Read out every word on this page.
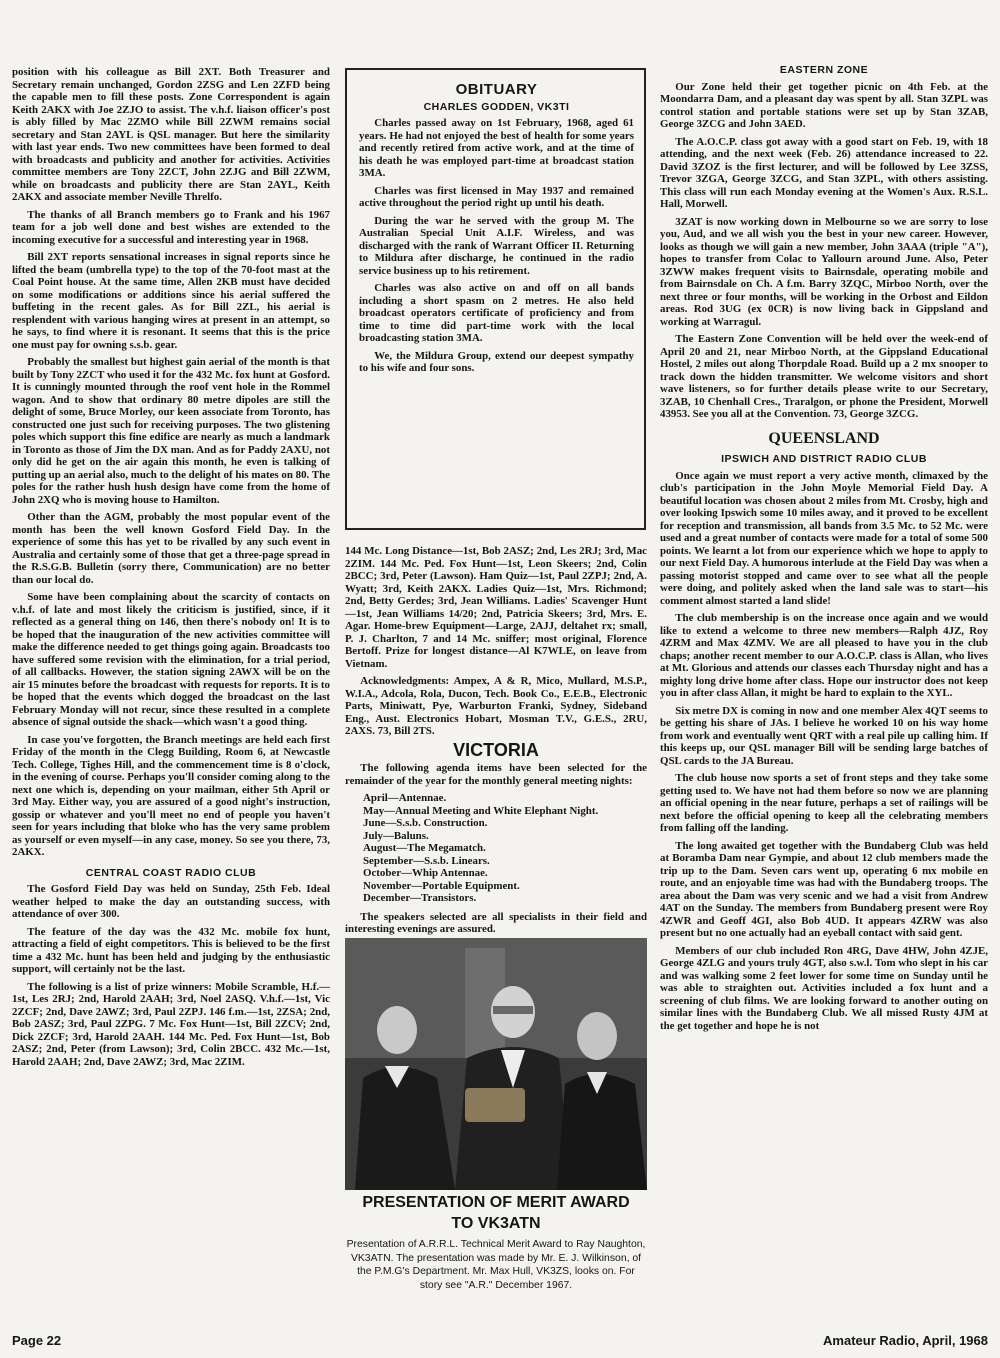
position with his colleague as Bill 2XT. Both Treasurer and Secretary remain unchanged, Gordon 2ZSG and Len 2ZFD being the capable men to fill these posts. Zone Correspondent is again Keith 2AKX with Joe 2ZJO to assist. The v.h.f. liaison officer's post is ably filled by Mac 2ZMO while Bill 2ZWM remains social secretary and Stan 2AYL is QSL manager. But here the similarity with last year ends. Two new committees have been formed to deal with broadcasts and publicity and another for activities. Activities committee members are Tony 2ZCT, John 2ZJG and Bill 2ZWM, while on broadcasts and publicity there are Stan 2AYL, Keith 2AKX and associate member Neville Threlfo.

The thanks of all Branch members go to Frank and his 1967 team for a job well done and best wishes are extended to the incoming executive for a successful and interesting year in 1968.

Bill 2XT reports sensational increases in signal reports since he lifted the beam (umbrella type) to the top of the 70-foot mast at the Coal Point house. At the same time, Allen 2KB must have decided on some modifications or additions since his aerial suffered the buffeting in the recent gales. As for Bill 2ZL, his aerial is resplendent with various hanging wires at present in an attempt, so he says, to find where it is resonant. It seems that this is the price one must pay for owning s.s.b. gear.

Probably the smallest but highest gain aerial of the month is that built by Tony 2ZCT who used it for the 432 Mc. fox hunt at Gosford. It is cunningly mounted through the roof vent hole in the Rommel wagon. And to show that ordinary 80 metre dipoles are still the delight of some, Bruce Morley, our keen associate from Toronto, has constructed one just such for receiving purposes. The two glistening poles which support this fine edifice are nearly as much a landmark in Toronto as those of Jim the DX man. And as for Paddy 2AXU, not only did he get on the air again this month, he even is talking of putting up an aerial also, much to the delight of his mates on 80. The poles for the rather hush hush design have come from the home of John 2XQ who is moving house to Hamilton.

Other than the AGM, probably the most popular event of the month has been the well known Gosford Field Day. In the experience of some this has yet to be rivalled by any such event in Australia and certainly some of those that get a three-page spread in the R.S.G.B. Bulletin (sorry there, Communication) are no better than our local do.

Some have been complaining about the scarcity of contacts on v.h.f. of late and most likely the criticism is justified, since, if it reflected as a general thing on 146, then there's nobody on! It is to be hoped that the inauguration of the new activities committee will make the difference needed to get things going again. Broadcasts too have suffered some revision with the elimination, for a trial period, of all callbacks. However, the station signing 2AWX will be on the air 15 minutes before the broadcast with requests for reports. It is to be hoped that the events which dogged the broadcast on the last February Monday will not recur, since these resulted in a complete absence of signal outside the shack—which wasn't a good thing.

In case you've forgotten, the Branch meetings are held each first Friday of the month in the Clegg Building, Room 6, at Newcastle Tech. College, Tighes Hill, and the commencement time is 8 o'clock, in the evening of course. Perhaps you'll consider coming along to the next one which is, depending on your mailman, either 5th April or 3rd May. Either way, you are assured of a good night's instruction, gossip or whatever and you'll meet no end of people you haven't seen for years including that bloke who has the very same problem as yourself or even myself—in any case, money. So see you there, 73, 2AKX.

CENTRAL COAST RADIO CLUB

The Gosford Field Day was held on Sunday, 25th Feb. Ideal weather helped to make the day an outstanding success, with attendance of over 300.

The feature of the day was the 432 Mc. mobile fox hunt, attracting a field of eight competitors. This is believed to be the first time a 432 Mc. hunt has been held and judging by the enthusiastic support, will certainly not be the last.

The following is a list of prize winners: Mobile Scramble, H.f.—1st, Les 2RJ; 2nd, Harold 2AAH; 3rd, Noel 2ASQ. V.h.f.—1st, Vic 2ZCF; 2nd, Dave 2AWZ; 3rd, Paul 2ZPJ. 146 f.m.—1st, 2ZSA; 2nd, Bob 2ASZ; 3rd, Paul 2ZPG. 7 Mc. Fox Hunt—1st, Bill 2ZCV; 2nd, Dick 2ZCF; 3rd, Harold 2AAH. 144 Mc. Ped. Fox Hunt—1st, Bob 2ASZ; 2nd, Peter (from Lawson); 3rd, Colin 2BCC. 432 Mc.—1st, Harold 2AAH; 2nd, Dave 2AWZ; 3rd, Mac 2ZIM.

OBITUARY
CHARLES GODDEN, VK3TI

Charles passed away on 1st February, 1968, aged 61 years. He had not enjoyed the best of health for some years and recently retired from active work, and at the time of his death he was employed part-time at broadcast station 3MA.

Charles was first licensed in May 1937 and remained active throughout the period right up until his death.

During the war he served with the group M. The Australian Special Unit A.I.F. Wireless, and was discharged with the rank of Warrant Officer II. Returning to Mildura after discharge, he continued in the radio service business up to his retirement.

Charles was also active on and off on all bands including a short spasm on 2 metres. He also held broadcast operators certificate of proficiency and from time to time did part-time work with the local broadcasting station 3MA.

We, the Mildura Group, extend our deepest sympathy to his wife and four sons.

144 Mc. Long Distance—1st, Bob 2ASZ; 2nd, Les 2RJ; 3rd, Mac 2ZIM. 144 Mc. Ped. Fox Hunt—1st, Leon Skeers; 2nd, Colin 2BCC; 3rd, Peter (Lawson). Ham Quiz—1st, Paul 2ZPJ; 2nd, A. Wyatt; 3rd, Keith 2AKX. Ladies Quiz—1st, Mrs. Richmond; 2nd, Betty Gerdes; 3rd, Jean Williams. Ladies' Scavenger Hunt—1st, Jean Williams 14/20; 2nd, Patricia Skeers; 3rd, Mrs. E. Agar. Home-brew Equipment—Large, 2AJJ, deltahet rx; small, P. J. Charlton, 7 and 14 Mc. sniffer; most original, Florence Bertoff. Prize for longest distance—Al K7WLE, on leave from Vietnam.

Acknowledgments: Ampex, A & R, Mico, Mullard, M.S.P., W.I.A., Adcola, Rola, Ducon, Tech. Book Co., E.E.B., Electronic Parts, Miniwatt, Pye, Warburton Franki, Sydney, Sideband Eng., Aust. Electronics Hobart, Mosman T.V., G.E.S., 2RU, 2AXS. 73, Bill 2TS.

VICTORIA

The following agenda items have been selected for the remainder of the year for the monthly general meeting nights:

April—Antennae.
May—Annual Meeting and White Elephant Night.
June—S.s.b. Construction.
July—Baluns.
August—The Megamatch.
September—S.s.b. Linears.
October—Whip Antennae.
November—Portable Equipment.
December—Transistors.

The speakers selected are all specialists in their field and interesting evenings are assured.

PRESENTATION OF MERIT AWARD
TO VK3ATN

Presentation of A.R.R.L. Technical Merit Award to Ray Naughton, VK3ATN. The presentation was made by Mr. E. J. Wilkinson, of the P.M.G's Department. Mr. Max Hull, VK3ZS, looks on. For story see "A.R." December 1967.

EASTERN ZONE

Our Zone held their get together picnic on 4th Feb. at the Moondarra Dam, and a pleasant day was spent by all. Stan 3ZPL was control station and portable stations were set up by Stan 3ZAB, George 3ZCG and John 3AED.

The A.O.C.P. class got away with a good start on Feb. 19, with 18 attending, and the next week (Feb. 26) attendance increased to 22. David 3ZOZ is the first lecturer, and will be followed by Lee 3ZSS, Trevor 3ZGA, George 3ZCG, and Stan 3ZPL, with others assisting. This class will run each Monday evening at the Women's Aux. R.S.L. Hall, Morwell.

3ZAT is now working down in Melbourne so we are sorry to lose you, Aud, and we all wish you the best in your new career. However, looks as though we will gain a new member, John 3AAA (triple "A"), hopes to transfer from Colac to Yallourn around June. Also, Peter 3ZWW makes frequent visits to Bairnsdale, operating mobile and from Bairnsdale on Ch. A f.m. Barry 3ZQC, Mirboo North, over the next three or four months, will be working in the Orbost and Eildon areas. Rod 3UG (ex 0CR) is now living back in Gippsland and working at Warragul.

The Eastern Zone Convention will be held over the week-end of April 20 and 21, near Mirboo North, at the Gippsland Educational Hostel, 2 miles out along Thorpdale Road. Build up a 2 mx snooper to track down the hidden transmitter. We welcome visitors and short wave listeners, so for further details please write to our Secretary, 3ZAB, 10 Chenhall Cres., Traralgon, or phone the President, Morwell 43953. See you all at the Convention. 73, George 3ZCG.

QUEENSLAND

IPSWICH AND DISTRICT RADIO CLUB

Once again we must report a very active month, climaxed by the club's participation in the John Moyle Memorial Field Day. A beautiful location was chosen about 2 miles from Mt. Crosby, high and over looking Ipswich some 10 miles away, and it proved to be excellent for reception and transmission, all bands from 3.5 Mc. to 52 Mc. were used and a great number of contacts were made for a total of some 500 points. We learnt a lot from our experience which we hope to apply to our next Field Day. A humorous interlude at the Field Day was when a passing motorist stopped and came over to see what all the people were doing, and politely asked when the land sale was to start—his comment almost started a land slide!

The club membership is on the increase once again and we would like to extend a welcome to three new members—Ralph 4JZ, Roy 4ZRM and Max 4ZMV. We are all pleased to have you in the club chaps; another recent member to our A.O.C.P. class is Allan, who lives at Mt. Glorious and attends our classes each Thursday night and has a mighty long drive home after class. Hope our instructor does not keep you in after class Allan, it might be hard to explain to the XYL.

Six metre DX is coming in now and one member Alex 4QT seems to be getting his share of JAs. I believe he worked 10 on his way home from work and eventually went QRT with a real pile up calling him. If this keeps up, our QSL manager Bill will be sending large batches of QSL cards to the JA Bureau.

The club house now sports a set of front steps and they take some getting used to. We have not had them before so now we are planning an official opening in the near future, perhaps a set of railings will be next before the official opening to keep all the celebrating members from falling off the landing.

The long awaited get together with the Bundaberg Club was held at Boramba Dam near Gympie, and about 12 club members made the trip up to the Dam. Seven cars went up, operating 6 mx mobile en route, and an enjoyable time was had with the Bundaberg troops. The area about the Dam was very scenic and we had a visit from Andrew 4AT on the Sunday. The members from Bundaberg present were Roy 4ZWR and Geoff 4GI, also Bob 4UD. It appears 4ZRW was also present but no one actually had an eyeball contact with said gent.

Members of our club included Ron 4RG, Dave 4HW, John 4ZJE, George 4ZLG and yours truly 4GT, also s.w.l. Tom who slept in his car and was walking some 2 feet lower for some time on Sunday until he was able to straighten out. Activities included a fox hunt and a screening of club films. We are looking forward to another outing on similar lines with the Bundaberg Club. We all missed Rusty 4JM at the get together and hope he is not

Page 22	Amateur Radio, April, 1968
